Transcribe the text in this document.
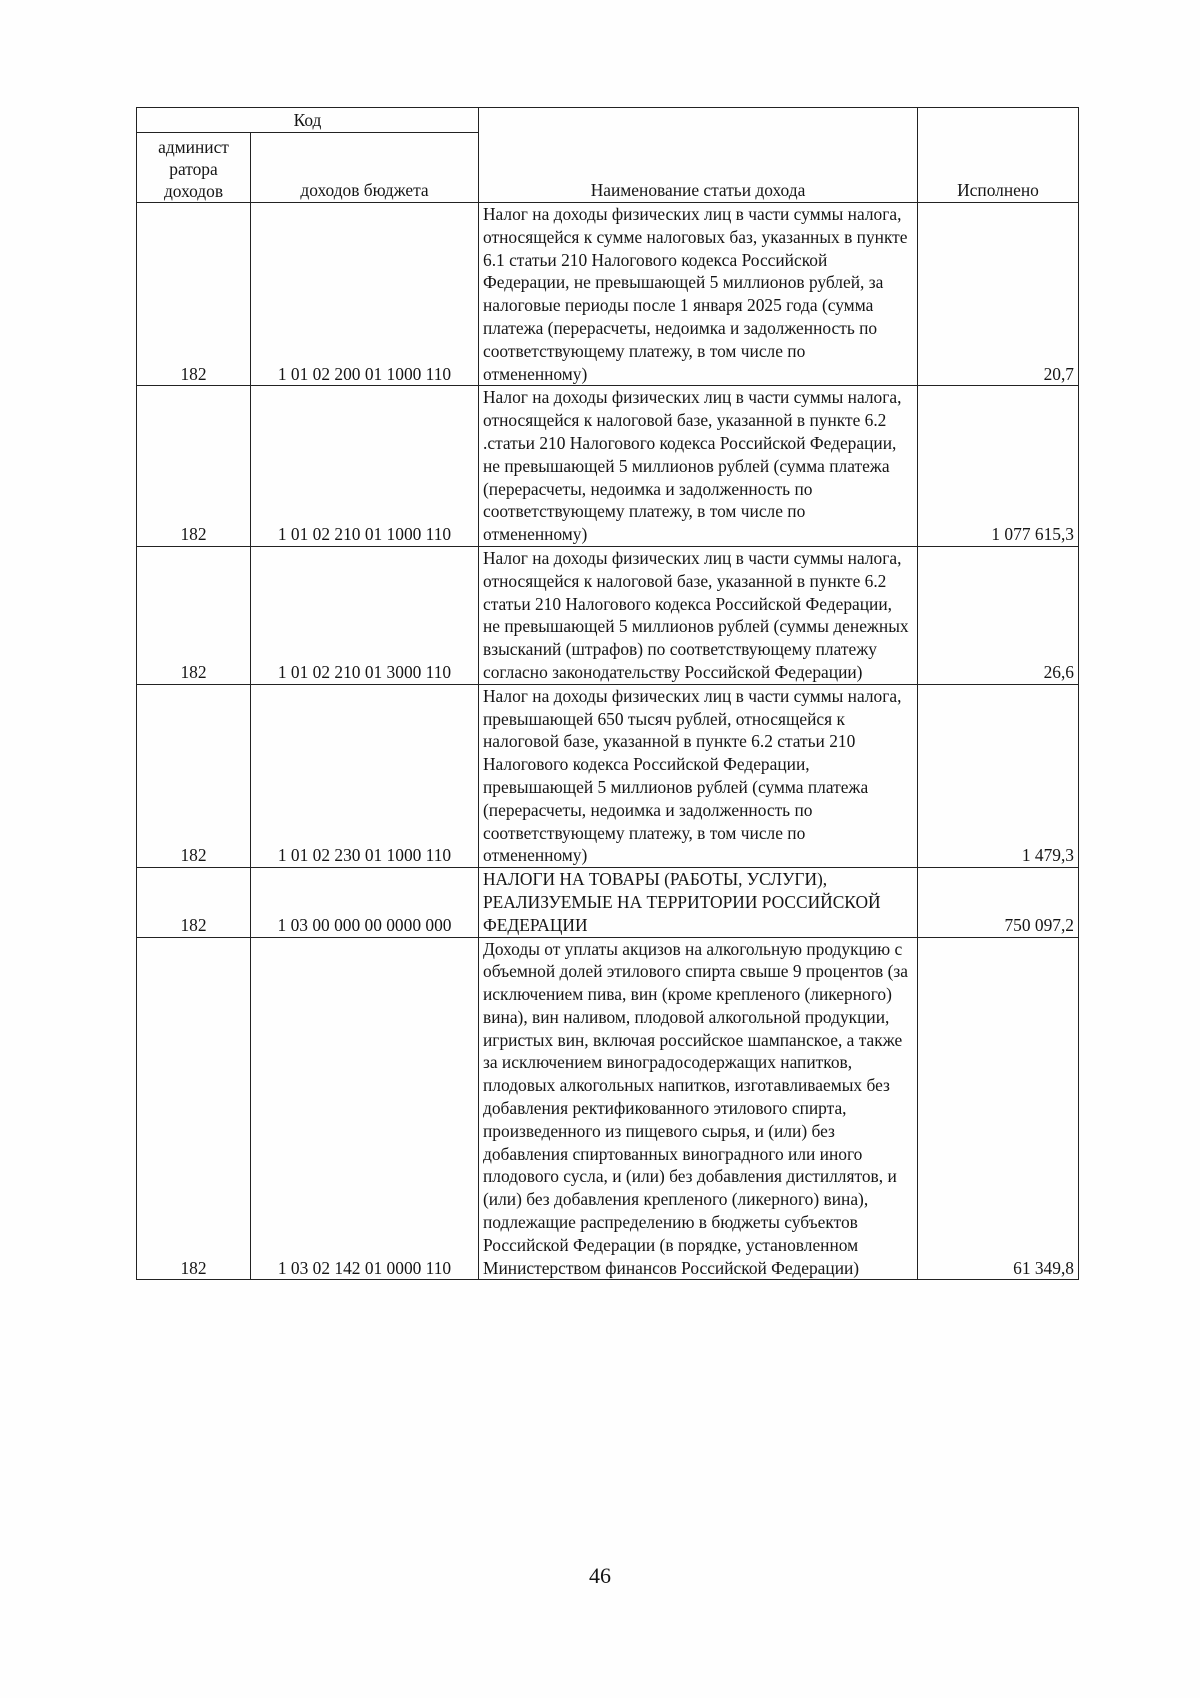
Код		Наименование статьи дохода	Исполнено
админист ратора доходов	доходов бюджета		
182	1 01 02 200 01 1000 110	Налог на доходы физических лиц в части суммы налога, относящейся к сумме налоговых баз, указанных в пункте 6.1 статьи 210 Налогового кодекса Российской Федерации, не превышающей 5 миллионов рублей, за налоговые периоды после 1 января 2025 года (сумма платежа (перерасчеты, недоимка и задолженность по соответствующему платежу, в том числе по отмененному)	20,7
182	1 01 02 210 01 1000 110	Налог на доходы физических лиц в части суммы налога, относящейся к налоговой базе, указанной в пункте 6.2 .статьи 210 Налогового кодекса Российской Федерации, не превышающей 5 миллионов рублей (сумма платежа (перерасчеты, недоимка и задолженность по соответствующему платежу, в том числе по отмененному)	1 077 615,3
182	1 01 02 210 01 3000 110	Налог на доходы физических лиц в части суммы налога, относящейся к налоговой базе, указанной в пункте 6.2 статьи 210 Налогового кодекса Российской Федерации, не превышающей 5 миллионов рублей (суммы денежных взысканий (штрафов) по соответствующему платежу согласно законодательству Российской Федерации)	26,6
182	1 01 02 230 01 1000 110	Налог на доходы физических лиц в части суммы налога, превышающей 650 тысяч рублей, относящейся к налоговой базе, указанной в пункте 6.2 статьи 210 Налогового кодекса Российской Федерации, превышающей 5 миллионов рублей (сумма платежа (перерасчеты, недоимка и задолженность по соответствующему платежу, в том числе по отмененному)	1 479,3
182	1 03 00 000 00 0000 000	НАЛОГИ НА ТОВАРЫ (РАБОТЫ, УСЛУГИ), РЕАЛИЗУЕМЫЕ НА ТЕРРИТОРИИ РОССИЙСКОЙ ФЕДЕРАЦИИ	750 097,2
182	1 03 02 142 01 0000 110	Доходы от уплаты акцизов на алкогольную продукцию с объемной долей этилового спирта свыше 9 процентов (за исключением пива, вин (кроме крепленого (ликерного) вина), вин наливом, плодовой алкогольной продукции, игристых вин, включая российское шампанское, а также за исключением виноградосодержащих напитков, плодовых алкогольных напитков, изготавливаемых без добавления ректификованного этилового спирта, произведенного из пищевого сырья, и (или) без добавления спиртованных виноградного или иного плодового сусла, и (или) без добавления дистиллятов, и (или) без добавления крепленого (ликерного) вина), подлежащие распределению в бюджеты субъектов Российской Федерации (в порядке, установленном Министерством финансов Российской Федерации)	61 349,8
46
